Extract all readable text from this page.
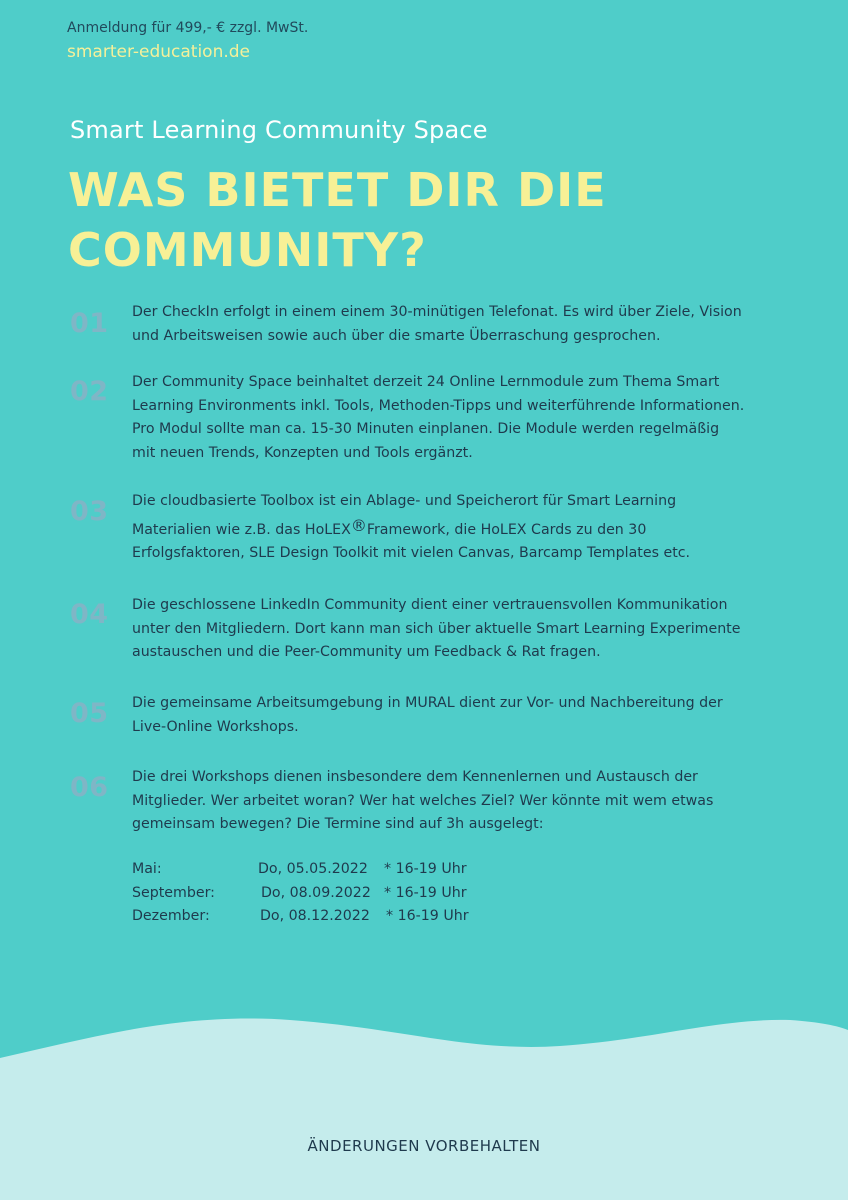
Anmeldung für 499,- € zzgl. MwSt.
smarter-education.de
Smart Learning Community Space
WAS BIETET DIR DIE
COMMUNITY?
01 Der CheckIn erfolgt in einem einem 30-minütigen Telefonat. Es wird über Ziele, Vision
und Arbeitsweisen sowie auch über die smarte Überraschung gesprochen.
02 Der Community Space beinhaltet derzeit 24 Online Lernmodule zum Thema Smart
Learning Environments inkl. Tools, Methoden-Tipps und weiterführende Informationen.
Pro Modul sollte man ca. 15-30 Minuten einplanen. Die Module werden regelmäßig
mit neuen Trends, Konzepten und Tools ergänzt.
03 Die cloudbasierte Toolbox ist ein Ablage- und Speicherort für Smart Learning
Materialien wie z.B. das HoLEX®Framework, die HoLEX Cards zu den 30
Erfolgsfaktoren, SLE Design Toolkit mit vielen Canvas, Barcamp Templates etc.
04 Die geschlossene LinkedIn Community dient einer vertrauensvollen Kommunikation
unter den Mitgliedern. Dort kann man sich über aktuelle Smart Learning Experimente
austauschen und die Peer-Community um Feedback & Rat fragen.
05 Die gemeinsame Arbeitsumgebung in MURAL dient zur Vor- und Nachbereitung der
Live-Online Workshops.
06 Die drei Workshops dienen insbesondere dem Kennenlernen und Austausch der
Mitglieder. Wer arbeitet woran? Wer hat welches Ziel? Wer könnte mit wem etwas
gemeinsam bewegen? Die Termine sind auf 3h ausgelegt:
Mai:	Do, 05.05.2022 * 16-19 Uhr
September:	Do, 08.09.2022 * 16-19 Uhr
Dezember:	Do, 08.12.2022 * 16-19 Uhr
ÄNDERUNGEN VORBEHALTEN
